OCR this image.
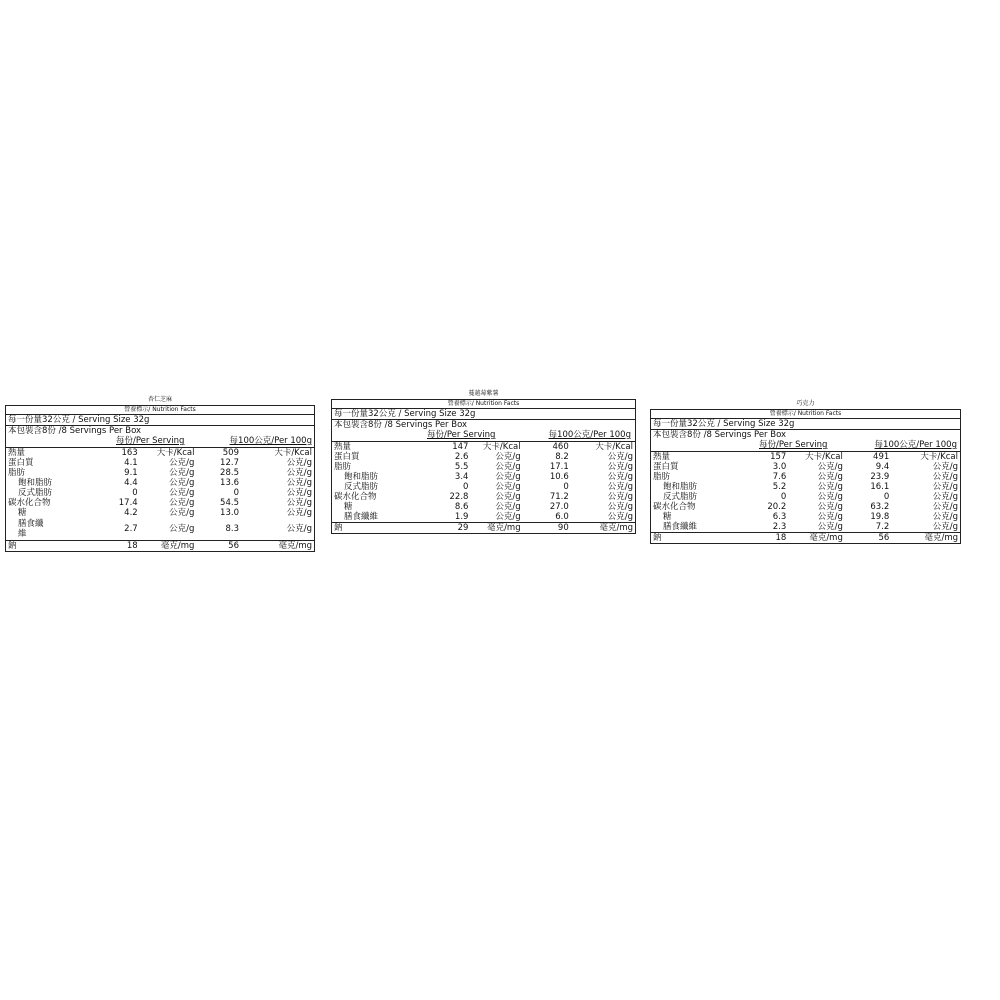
杏仁芝麻
營養標示/ Nutrition Facts
每一份量32公克 / Serving Size 32g
本包裝含8份 /8 Servings Per Box
每份/Per Serving	每100公克/Per 100g
熱量	163	大卡/Kcal	509	大卡/Kcal
蛋白質	4.1	公克/g	12.7	公克/g
脂肪	9.1	公克/g	28.5	公克/g
飽和脂肪	4.4	公克/g	13.6	公克/g
反式脂肪	0	公克/g	0	公克/g
碳水化合物	17.4	公克/g	54.5	公克/g
糖	4.2	公克/g	13.0	公克/g
膳食纖
維	2.7	公克/g	8.3	公克/g
鈉	18	毫克/mg	56	毫克/mg
蔓越莓紫薯
營養標示/ Nutrition Facts
每一份量32公克 / Serving Size 32g
本包裝含8份 /8 Servings Per Box
每份/Per Serving	每100公克/Per 100g
熱量	147	大卡/Kcal	460	大卡/Kcal
蛋白質	2.6	公克/g	8.2	公克/g
脂肪	5.5	公克/g	17.1	公克/g
飽和脂肪	3.4	公克/g	10.6	公克/g
反式脂肪	0	公克/g	0	公克/g
碳水化合物	22.8	公克/g	71.2	公克/g
糖	8.6	公克/g	27.0	公克/g
膳食纖維	1.9	公克/g	6.0	公克/g
鈉	29	毫克/mg	90	毫克/mg
巧克力
營養標示/ Nutrition Facts
每一份量32公克 / Serving Size 32g
本包裝含8份 /8 Servings Per Box
每份/Per Serving	每100公克/Per 100g
熱量	157	大卡/Kcal	491	大卡/Kcal
蛋白質	3.0	公克/g	9.4	公克/g
脂肪	7.6	公克/g	23.9	公克/g
飽和脂肪	5.2	公克/g	16.1	公克/g
反式脂肪	0	公克/g	0	公克/g
碳水化合物	20.2	公克/g	63.2	公克/g
糖	6.3	公克/g	19.8	公克/g
膳食纖維	2.3	公克/g	7.2	公克/g
鈉	18	毫克/mg	56	毫克/mg
